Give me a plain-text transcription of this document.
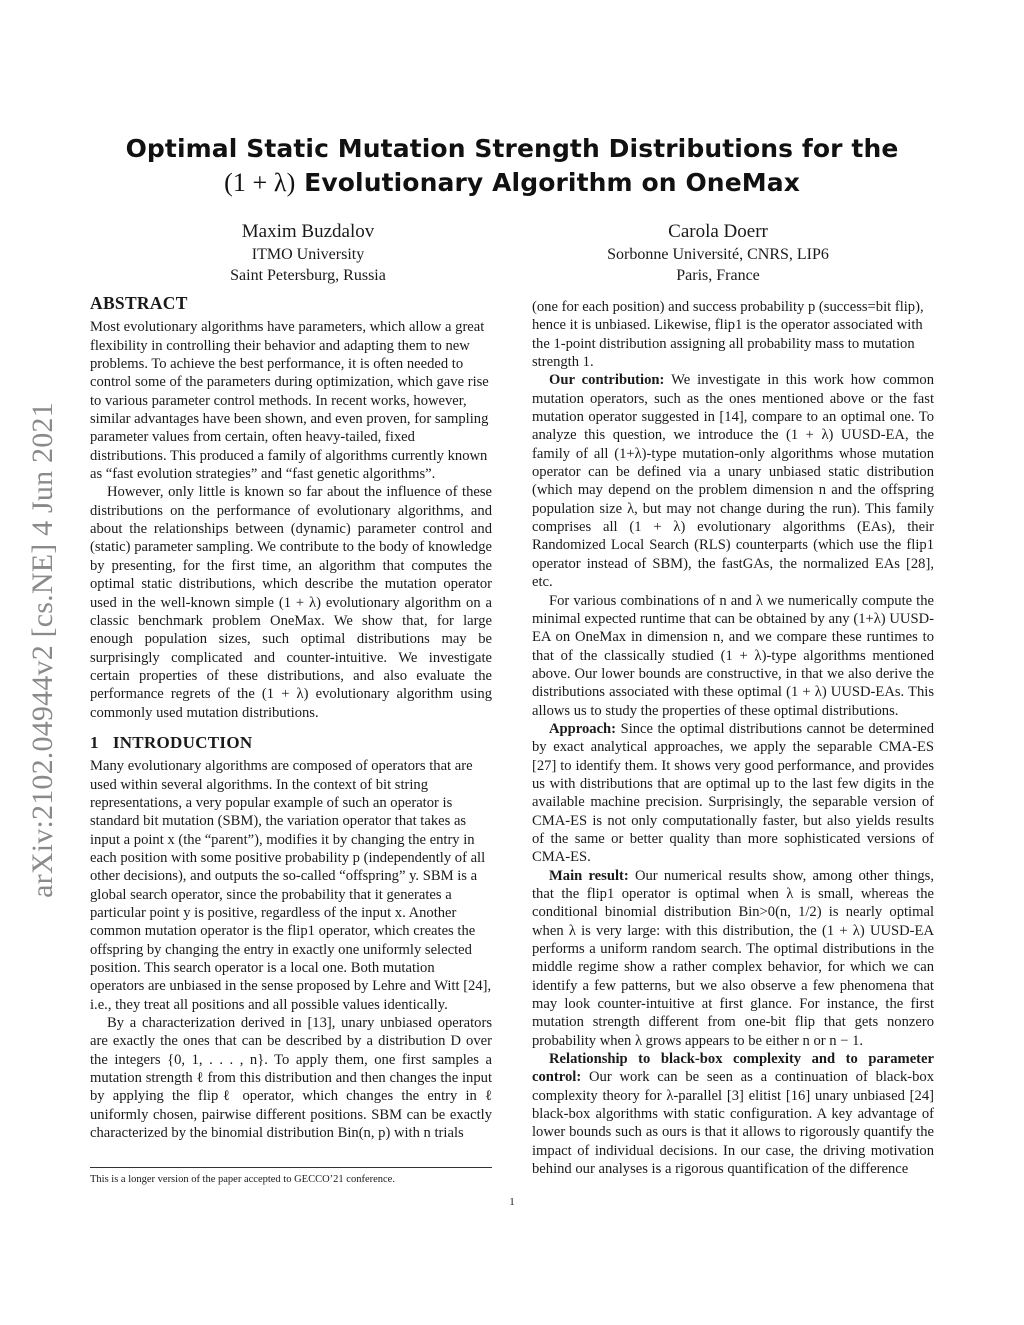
arXiv:2102.04944v2 [cs.NE] 4 Jun 2021
Optimal Static Mutation Strength Distributions for the
(1 + λ) Evolutionary Algorithm on OneMax
Maxim Buzdalov
ITMO University
Saint Petersburg, Russia
Carola Doerr
Sorbonne Université, CNRS, LIP6
Paris, France
ABSTRACT

Most evolutionary algorithms have parameters, which allow a great flexibility in controlling their behavior and adapting them to new problems. To achieve the best performance, it is often needed to control some of the parameters during optimization, which gave rise to various parameter control methods. In recent works, however, similar advantages have been shown, and even proven, for sampling parameter values from certain, often heavy-tailed, fixed distributions. This produced a family of algorithms currently known as “fast evolution strategies” and “fast genetic algorithms”.

However, only little is known so far about the influence of these distributions on the performance of evolutionary algorithms, and about the relationships between (dynamic) parameter control and (static) parameter sampling. We contribute to the body of knowledge by presenting, for the first time, an algorithm that computes the optimal static distributions, which describe the mutation operator used in the well-known simple (1 + λ) evolutionary algorithm on a classic benchmark problem OneMax. We show that, for large enough population sizes, such optimal distributions may be surprisingly complicated and counter-intuitive. We investigate certain properties of these distributions, and also evaluate the performance regrets of the (1 + λ) evolutionary algorithm using commonly used mutation distributions.

1 INTRODUCTION

Many evolutionary algorithms are composed of operators that are used within several algorithms. In the context of bit string representations, a very popular example of such an operator is standard bit mutation (SBM), the variation operator that takes as input a point x (the “parent”), modifies it by changing the entry in each position with some positive probability p (independently of all other decisions), and outputs the so-called “offspring” y. SBM is a global search operator, since the probability that it generates a particular point y is positive, regardless of the input x. Another common mutation operator is the flip1 operator, which creates the offspring by changing the entry in exactly one uniformly selected position. This search operator is a local one. Both mutation operators are unbiased in the sense proposed by Lehre and Witt [24], i.e., they treat all positions and all possible values identically.

By a characterization derived in [13], unary unbiased operators are exactly the ones that can be described by a distribution D over the integers {0, 1, . . . , n}. To apply them, one first samples a mutation strength ℓ from this distribution and then changes the input by applying the flipℓ operator, which changes the entry in ℓ uniformly chosen, pairwise different positions. SBM can be exactly characterized by the binomial distribution Bin(n, p) with n trials

(one for each position) and success probability p (success=bit flip), hence it is unbiased. Likewise, flip1 is the operator associated with the 1-point distribution assigning all probability mass to mutation strength 1.

Our contribution: We investigate in this work how common mutation operators, such as the ones mentioned above or the fast mutation operator suggested in [14], compare to an optimal one. To analyze this question, we introduce the (1 + λ) UUSD-EA, the family of all (1+λ)-type mutation-only algorithms whose mutation operator can be defined via a unary unbiased static distribution (which may depend on the problem dimension n and the offspring population size λ, but may not change during the run). This family comprises all (1 + λ) evolutionary algorithms (EAs), their Randomized Local Search (RLS) counterparts (which use the flip1 operator instead of SBM), the fastGAs, the normalized EAs [28], etc.

For various combinations of n and λ we numerically compute the minimal expected runtime that can be obtained by any (1+λ) UUSD-EA on OneMax in dimension n, and we compare these runtimes to that of the classically studied (1 + λ)-type algorithms mentioned above. Our lower bounds are constructive, in that we also derive the distributions associated with these optimal (1 + λ) UUSD-EAs. This allows us to study the properties of these optimal distributions.

Approach: Since the optimal distributions cannot be determined by exact analytical approaches, we apply the separable CMA-ES [27] to identify them. It shows very good performance, and provides us with distributions that are optimal up to the last few digits in the available machine precision. Surprisingly, the separable version of CMA-ES is not only computationally faster, but also yields results of the same or better quality than more sophisticated versions of CMA-ES.

Main result: Our numerical results show, among other things, that the flip1 operator is optimal when λ is small, whereas the conditional binomial distribution Bin>0(n, 1/2) is nearly optimal when λ is very large: with this distribution, the (1 + λ) UUSD-EA performs a uniform random search. The optimal distributions in the middle regime show a rather complex behavior, for which we can identify a few patterns, but we also observe a few phenomena that may look counter-intuitive at first glance. For instance, the first mutation strength different from one-bit flip that gets nonzero probability when λ grows appears to be either n or n − 1.

Relationship to black-box complexity and to parameter control: Our work can be seen as a continuation of black-box complexity theory for λ-parallel [3] elitist [16] unary unbiased [24] black-box algorithms with static configuration. A key advantage of lower bounds such as ours is that it allows to rigorously quantify the impact of individual decisions. In our case, the driving motivation behind our analyses is a rigorous quantification of the difference

This is a longer version of the paper accepted to GECCO’21 conference.
1
